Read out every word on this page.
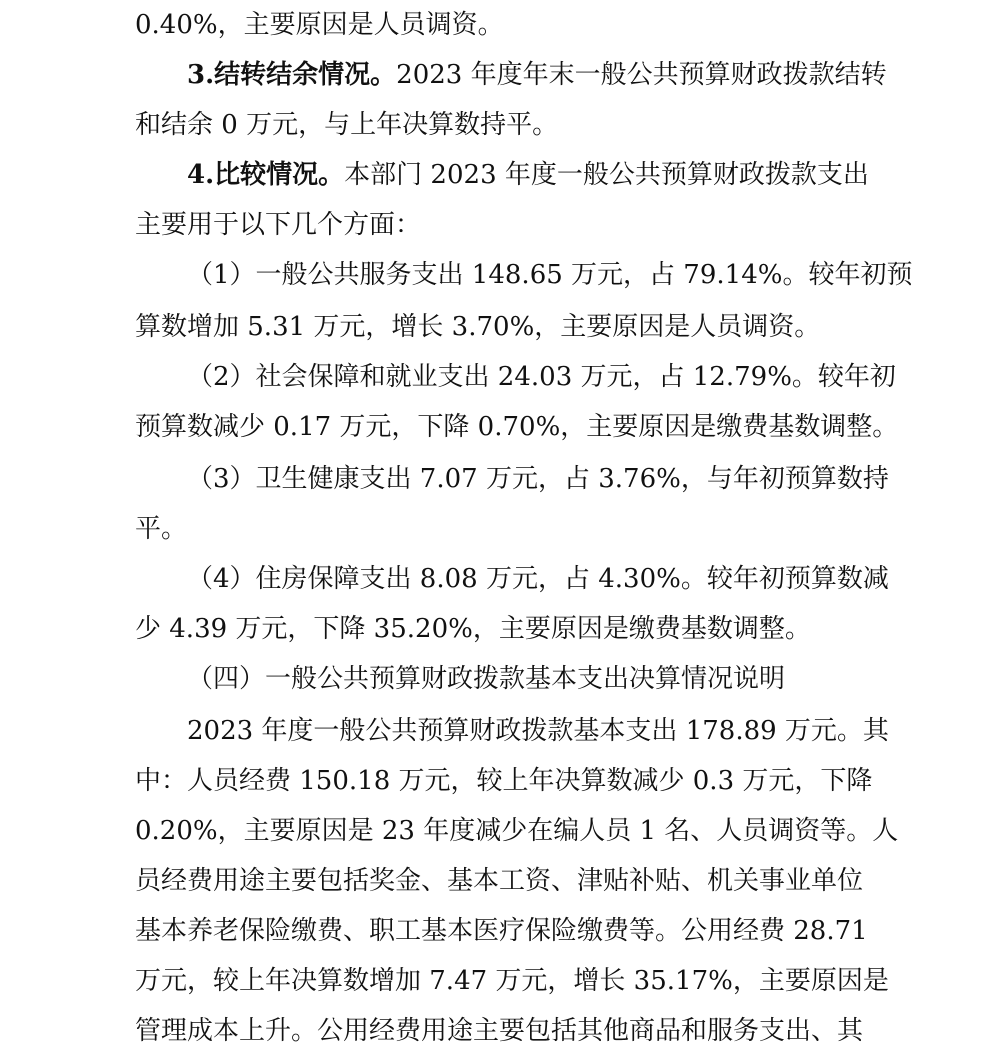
0.40%，主要原因是人员调资。
3.结转结余情况。2023 年度年末一般公共预算财政拨款结转
和结余 0 万元，与上年决算数持平。
4.比较情况。本部门 2023 年度一般公共预算财政拨款支出
主要用于以下几个方面：
（1）一般公共服务支出 148.65 万元，占 79.14%。较年初预
算数增加 5.31 万元，增长 3.70%，主要原因是人员调资。
（2）社会保障和就业支出 24.03 万元，占 12.79%。较年初
预算数减少 0.17 万元，下降 0.70%，主要原因是缴费基数调整。
（3）卫生健康支出 7.07 万元，占 3.76%，与年初预算数持
平。
（4）住房保障支出 8.08 万元，占 4.30%。较年初预算数减
少 4.39 万元，下降 35.20%，主要原因是缴费基数调整。
（四）一般公共预算财政拨款基本支出决算情况说明
2023 年度一般公共预算财政拨款基本支出 178.89 万元。其
中：人员经费 150.18 万元，较上年决算数减少 0.3 万元，下降
0.20%，主要原因是 23 年度减少在编人员 1 名、人员调资等。人
员经费用途主要包括奖金、基本工资、津贴补贴、机关事业单位
基本养老保险缴费、职工基本医疗保险缴费等。公用经费 28.71
万元，较上年决算数增加 7.47 万元，增长 35.17%，主要原因是
管理成本上升。公用经费用途主要包括其他商品和服务支出、其
